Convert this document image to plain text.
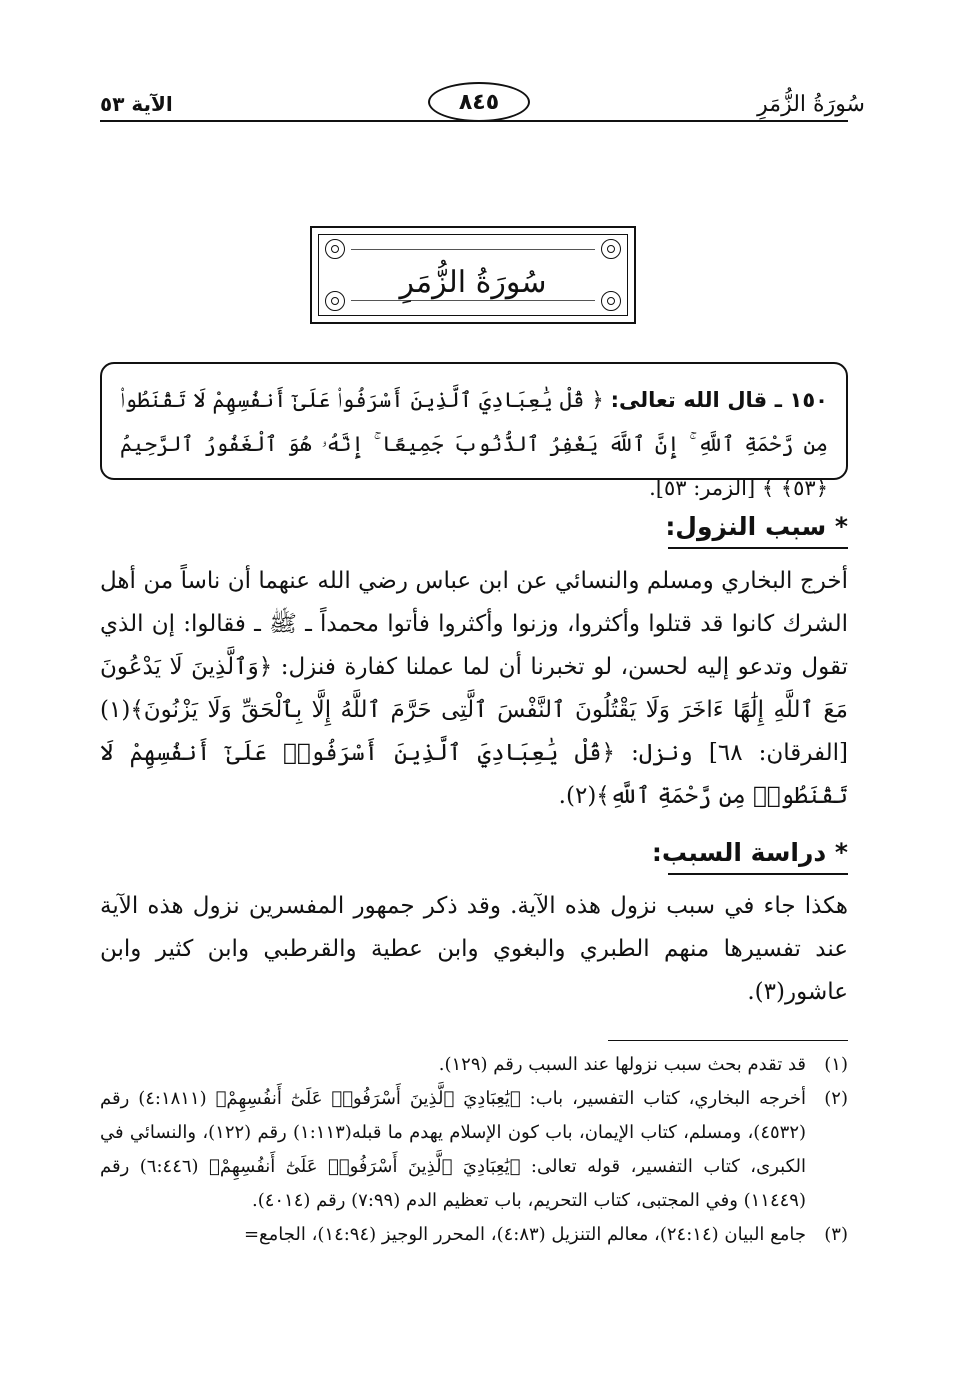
سُورَةُ الزُّمَرِ
٨٤٥
الآية ٥٣
سُورَةُ الزُّمَرِ
١٥٠ ـ قال الله تعالى: ﴿ قُلْ يَٰعِبَادِيَ ٱلَّذِينَ أَسْرَفُوا۟ عَلَىٰٓ أَنفُسِهِمْ لَا تَقْنَطُوا۟ مِن رَّحْمَةِ ٱللَّهِ ۚ إِنَّ ٱللَّهَ يَغْفِرُ ٱلذُّنُوبَ جَمِيعًا ۚ إِنَّهُۥ هُوَ ٱلْغَفُورُ ٱلرَّحِيمُ ﴿٥٣﴾ ﴾ [الزمر: ٥٣].
* سبب النزول:
أخرج البخاري ومسلم والنسائي عن ابن عباس رضي الله عنهما أن ناساً من أهل الشرك كانوا قد قتلوا وأكثروا، وزنوا وأكثروا فأتوا محمداً ـ ﷺ ـ فقالوا: إن الذي تقول وتدعو إليه لحسن، لو تخبرنا أن لما عملنا كفارة فنزل: ﴿وَٱلَّذِينَ لَا يَدْعُونَ مَعَ ٱللَّهِ إِلَٰهًا ءَاخَرَ وَلَا يَقْتُلُونَ ٱلنَّفْسَ ٱلَّتِى حَرَّمَ ٱللَّهُ إِلَّا بِٱلْحَقِّ وَلَا يَزْنُونَ﴾(١) [الفرقان: ٦٨] ونزل: ﴿قُلْ يَٰعِبَادِيَ ٱلَّذِينَ أَسْرَفُوا۟ عَلَىٰٓ أَنفُسِهِمْ لَا تَقْنَطُوا۟ مِن رَّحْمَةِ ٱللَّهِ﴾(٢).
* دراسة السبب:
هكذا جاء في سبب نزول هذه الآية. وقد ذكر جمهور المفسرين نزول هذه الآية عند تفسيرها منهم الطبري والبغوي وابن عطية والقرطبي وابن كثير وابن عاشور(٣).
(١)
قد تقدم بحث سبب نزولها عند السبب رقم (١٢٩).
(٢)
أخرجه البخاري، كتاب التفسير، باب: ﴿يَٰعِبَادِيَ ٱلَّذِينَ أَسْرَفُوا۟ عَلَىٰٓ أَنفُسِهِمْ﴾ (٤:١٨١١) رقم (٤٥٣٢)، ومسلم، كتاب الإيمان، باب كون الإسلام يهدم ما قبله(١:١١٣) رقم (١٢٢)، والنسائي في الكبرى، كتاب التفسير، قوله تعالى: ﴿يَٰعِبَادِيَ ٱلَّذِينَ أَسْرَفُوا۟ عَلَىٰٓ أَنفُسِهِمْ﴾ (٦:٤٤٦) رقم (١١٤٤٩) وفي المجتبى، كتاب التحريم، باب تعظيم الدم (٧:٩٩) رقم (٤٠١٤).
(٣)
جامع البيان (٢٤:١٤)، معالم التنزيل (٤:٨٣)، المحرر الوجيز (١٤:٩٤)، الجامع=
